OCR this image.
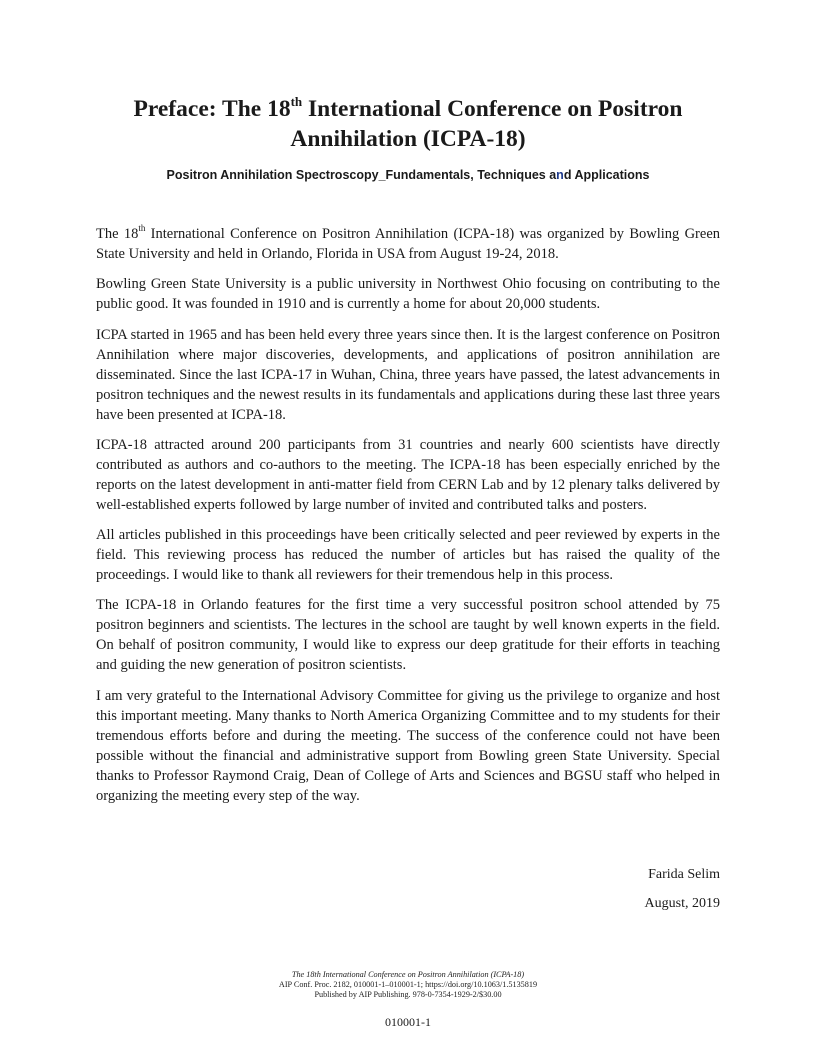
Preface: The 18th International Conference on Positron
Annihilation (ICPA-18)
Positron Annihilation Spectroscopy_Fundamentals, Techniques and Applications

The 18th International Conference on Positron Annihilation (ICPA-18) was organized by Bowling Green State University and held in Orlando, Florida in USA from August 19-24, 2018.

Bowling Green State University is a public university in Northwest Ohio focusing on contributing to the public good. It was founded in 1910 and is currently a home for about 20,000 students.

ICPA started in 1965 and has been held every three years since then. It is the largest conference on Positron Annihilation where major discoveries, developments, and applications of positron annihilation are disseminated. Since the last ICPA-17 in Wuhan, China, three years have passed, the latest advancements in positron techniques and the newest results in its fundamentals and applications during these last three years have been presented at ICPA-18.

ICPA-18 attracted around 200 participants from 31 countries and nearly 600 scientists have directly contributed as authors and co-authors to the meeting. The ICPA-18 has been especially enriched by the reports on the latest development in anti-matter field from CERN Lab and by 12 plenary talks delivered by well-established experts followed by large number of invited and contributed talks and posters.

All articles published in this proceedings have been critically selected and peer reviewed by experts in the field. This reviewing process has reduced the number of articles but has raised the quality of the proceedings. I would like to thank all reviewers for their tremendous help in this process.

The ICPA-18 in Orlando features for the first time a very successful positron school attended by 75 positron beginners and scientists. The lectures in the school are taught by well known experts in the field. On behalf of positron community, I would like to express our deep gratitude for their efforts in teaching and guiding the new generation of positron scientists.

I am very grateful to the International Advisory Committee for giving us the privilege to organize and host this important meeting. Many thanks to North America Organizing Committee and to my students for their tremendous efforts before and during the meeting. The success of the conference could not have been possible without the financial and administrative support from Bowling green State University. Special thanks to Professor Raymond Craig, Dean of College of Arts and Sciences and BGSU staff who helped in organizing the meeting every step of the way.

Farida Selim
August, 2019
The 18th International Conference on Positron Annihilation (ICPA-18)
AIP Conf. Proc. 2182, 010001-1–010001-1; https://doi.org/10.1063/1.5135819
Published by AIP Publishing. 978-0-7354-1929-2/$30.00
010001-1
